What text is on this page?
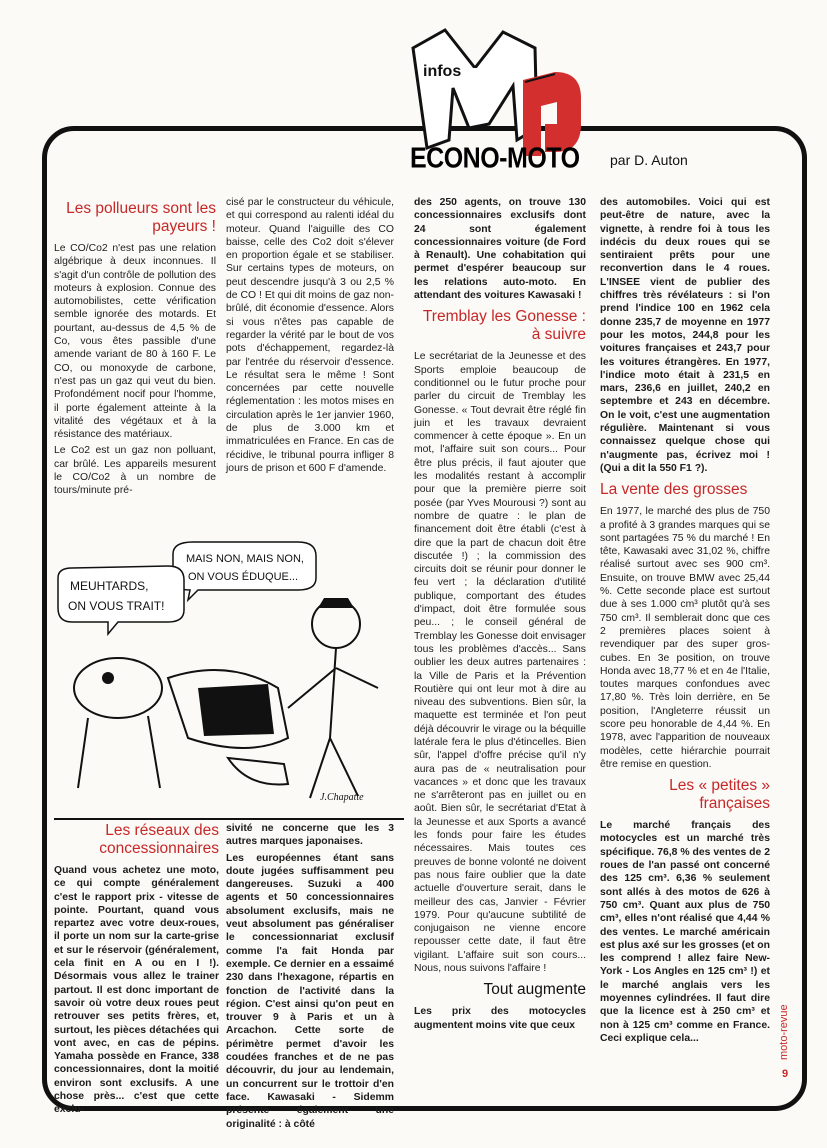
infos
ECONO-MOTO par D. Auton
Les pollueurs sont les payeurs !

Le CO/Co2 n'est pas une relation algébrique à deux inconnues. Il s'agit d'un contrôle de pollution des moteurs à explosion. Connue des automobilistes, cette vérification semble ignorée des motards. Et pourtant, au-dessus de 4,5 % de Co, vous êtes passible d'une amende variant de 80 à 160 F. Le CO, ou monoxyde de carbone, n'est pas un gaz qui veut du bien. Profondément nocif pour l'homme, il porte également atteinte à la vitalité des végétaux et à la résistance des matériaux.

Le Co2 est un gaz non polluant, car brûlé. Les appareils mesurent le CO/Co2 à un nombre de tours/minute pré-

cisé par le constructeur du véhicule, et qui correspond au ralenti idéal du moteur. Quand l'aiguille des CO baisse, celle des Co2 doit s'élever en proportion égale et se stabiliser. Sur certains types de moteurs, on peut descendre jusqu'à 3 ou 2,5 % de CO ! Et qui dit moins de gaz non-brûlé, dit économie d'essence. Alors si vous n'êtes pas capable de regarder la vérité par le bout de vos pots d'échappement, regardez-là par l'entrée du réservoir d'essence. Le résultat sera le même ! Sont concernées par cette nouvelle réglementation : les motos mises en circulation après le 1er janvier 1960, de plus de 3.000 km et immatriculées en France. En cas de récidive, le tribunal pourra infliger 8 jours de prison et 600 F d'amende.

MAIS NON, MAIS NON,
ON VOUS ÉDUQUE...
MEUHTARDS,
ON VOUS TRAIT!
J.Chapatte
Les réseaux des concessionnaires

Quand vous achetez une moto, ce qui compte généralement c'est le rapport prix - vitesse de pointe. Pourtant, quand vous repartez avec votre deux-roues, il porte un nom sur la carte-grise et sur le réservoir (généralement, cela finit en A ou en I !). Désormais vous allez le trainer partout. Il est donc important de savoir où votre deux roues peut retrouver ses petits frères, et, surtout, les pièces détachées qui vont avec, en cas de pépins. Yamaha possède en France, 338 concessionnaires, dont la moitié environ sont exclusifs. A une chose près... c'est que cette exclu-

sivité ne concerne que les 3 autres marques japonaises.

Les européennes étant sans doute jugées suffisamment peu dangereuses. Suzuki a 400 agents et 50 concessionnaires absolument exclusifs, mais ne veut absolument pas généraliser le concessionnariat exclusif comme l'a fait Honda par exemple. Ce dernier en a essaimé 230 dans l'hexagone, répartis en fonction de l'activité dans la région. C'est ainsi qu'on peut en trouver 9 à Paris et un à Arcachon. Cette sorte de périmètre permet d'avoir les coudées franches et de ne pas découvrir, du jour au lendemain, un concurrent sur le trottoir d'en face. Kawasaki - Sidemm présente également une originalité : à côté

des 250 agents, on trouve 130 concessionnaires exclusifs dont 24 sont également concessionnaires voiture (de Ford à Renault). Une cohabitation qui permet d'espérer beaucoup sur les relations auto-moto. En attendant des voitures Kawasaki !

Tremblay les Gonesse : à suivre

Le secrétariat de la Jeunesse et des Sports emploie beaucoup de conditionnel ou le futur proche pour parler du circuit de Tremblay les Gonesse. « Tout devrait être réglé fin juin et les travaux devraient commencer à cette époque ». En un mot, l'affaire suit son cours... Pour être plus précis, il faut ajouter que les modalités restant à accomplir pour que la première pierre soit posée (par Yves Mourousi ?) sont au nombre de quatre : le plan de financement doit être établi (c'est à dire que la part de chacun doit être discutée !) ; la commission des circuits doit se réunir pour donner le feu vert ; la déclaration d'utilité publique, comportant des études d'impact, doit être formulée sous peu... ; le conseil général de Tremblay les Gonesse doit envisager tous les problèmes d'accès... Sans oublier les deux autres partenaires : la Ville de Paris et la Prévention Routière qui ont leur mot à dire au niveau des subventions. Bien sûr, la maquette est terminée et l'on peut déjà découvrir le virage ou la béquille latérale fera le plus d'étincelles. Bien sûr, l'appel d'offre précise qu'il n'y aura pas de « neutralisation pour vacances » et donc que les travaux ne s'arrêteront pas en juillet ou en août. Bien sûr, le secrétariat d'Etat à la Jeunesse et aux Sports a avancé les fonds pour faire les études nécessaires. Mais toutes ces preuves de bonne volonté ne doivent pas nous faire oublier que la date actuelle d'ouverture serait, dans le meilleur des cas, Janvier - Février 1979. Pour qu'aucune subtilité de conjugaison ne vienne encore repousser cette date, il faut être vigilant. L'affaire suit son cours... Nous, nous suivons l'affaire !

Tout augmente

Les prix des motocycles augmentent moins vite que ceux

des automobiles. Voici qui est peut-être de nature, avec la vignette, à rendre foi à tous les indécis du deux roues qui se sentiraient prêts pour une reconvertion dans le 4 roues. L'INSEE vient de publier des chiffres très révélateurs : si l'on prend l'indice 100 en 1962 cela donne 235,7 de moyenne en 1977 pour les motos, 244,8 pour les voitures françaises et 243,7 pour les voitures étrangères. En 1977, l'indice moto était à 231,5 en mars, 236,6 en juillet, 240,2 en septembre et 243 en décembre. On le voit, c'est une augmentation régulière. Maintenant si vous connaissez quelque chose qui n'augmente pas, écrivez moi ! (Qui a dit la 550 F1 ?).

La vente des grosses

En 1977, le marché des plus de 750 a profité à 3 grandes marques qui se sont partagées 75 % du marché ! En tête, Kawasaki avec 31,02 %, chiffre réalisé surtout avec ses 900 cm³. Ensuite, on trouve BMW avec 25,44 %. Cette seconde place est surtout due à ses 1.000 cm³ plutôt qu'à ses 750 cm³. Il semblerait donc que ces 2 premières places soient à revendiquer par des super gros-cubes. En 3e position, on trouve Honda avec 18,77 % et en 4e l'Italie, toutes marques confondues avec 17,80 %. Très loin derrière, en 5e position, l'Angleterre réussit un score peu honorable de 4,44 %. En 1978, avec l'apparition de nouveaux modèles, cette hiérarchie pourrait être remise en question.

Les « petites » françaises

Le marché français des motocycles est un marché très spécifique. 76,8 % des ventes de 2 roues de l'an passé ont concerné des 125 cm³. 6,36 % seulement sont allés à des motos de 626 à 750 cm³. Quant aux plus de 750 cm³, elles n'ont réalisé que 4,44 % des ventes. Le marché américain est plus axé sur les grosses (et on les comprend ! allez faire New-York - Los Angles en 125 cm³ !) et le marché anglais vers les moyennes cylindrées. Il faut dire que la licence est à 250 cm³ et non à 125 cm³ comme en France. Ceci explique cela...	moto-revue
9
